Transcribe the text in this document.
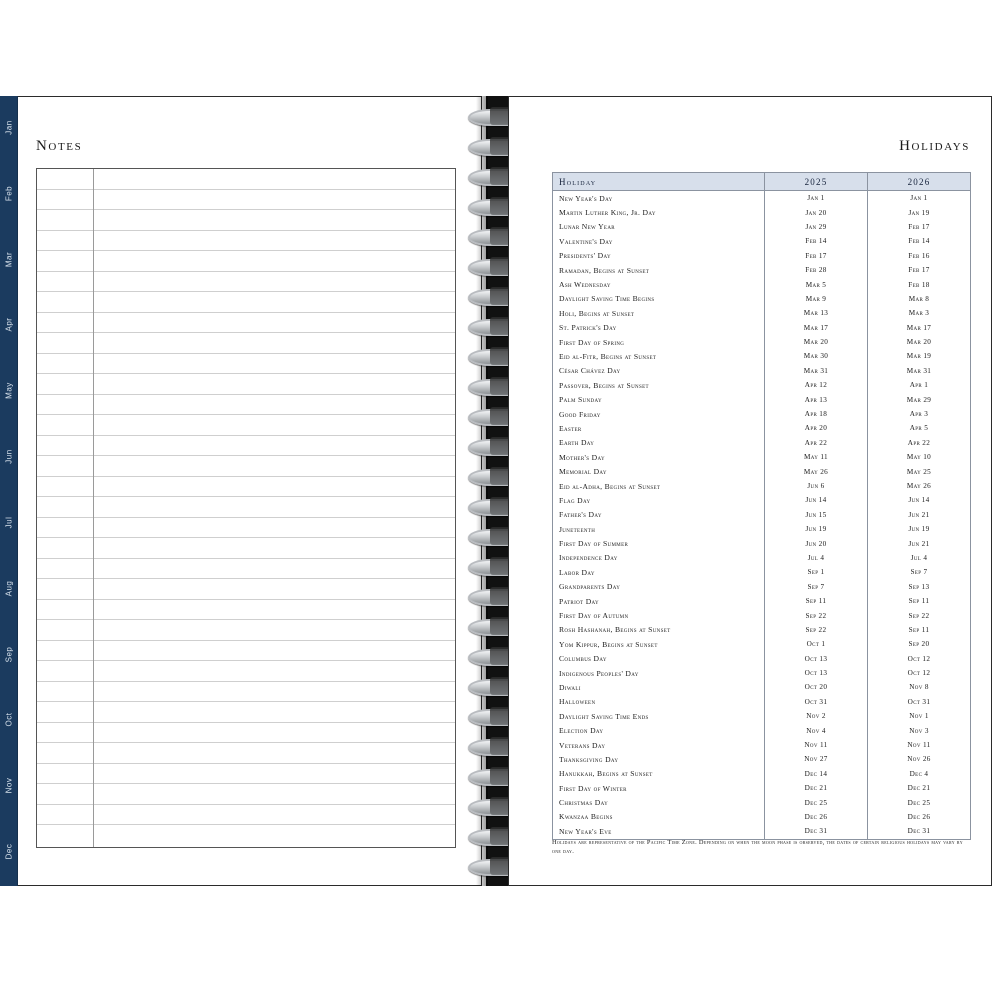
Jan
Feb
Mar
Apr
May
Jun
Jul
Aug
Sep
Oct
Nov
Dec
Notes	Holidays
Holiday	2025	2026
New Year's Day	Jan 1	Jan 1
Martin Luther King, Jr. Day	Jan 20	Jan 19
Lunar New Year	Jan 29	Feb 17
Valentine's Day	Feb 14	Feb 14
Presidents' Day	Feb 17	Feb 16
Ramadan, Begins at Sunset	Feb 28	Feb 17
Ash Wednesday	Mar 5	Feb 18
Daylight Saving Time Begins	Mar 9	Mar 8
Holi, Begins at Sunset	Mar 13	Mar 3
St. Patrick's Day	Mar 17	Mar 17
First Day of Spring	Mar 20	Mar 20
Eid al-Fitr, Begins at Sunset	Mar 30	Mar 19
César Chávez Day	Mar 31	Mar 31
Passover, Begins at Sunset	Apr 12	Apr 1
Palm Sunday	Apr 13	Mar 29
Good Friday	Apr 18	Apr 3
Easter	Apr 20	Apr 5
Earth Day	Apr 22	Apr 22
Mother's Day	May 11	May 10
Memorial Day	May 26	May 25
Eid al-Adha, Begins at Sunset	Jun 6	May 26
Flag Day	Jun 14	Jun 14
Father's Day	Jun 15	Jun 21
Juneteenth	Jun 19	Jun 19
First Day of Summer	Jun 20	Jun 21
Independence Day	Jul 4	Jul 4
Labor Day	Sep 1	Sep 7
Grandparents Day	Sep 7	Sep 13
Patriot Day	Sep 11	Sep 11
First Day of Autumn	Sep 22	Sep 22
Rosh Hashanah, Begins at Sunset	Sep 22	Sep 11
Yom Kippur, Begins at Sunset	Oct 1	Sep 20
Columbus Day	Oct 13	Oct 12
Indigenous Peoples' Day	Oct 13	Oct 12
Diwali	Oct 20	Nov 8
Halloween	Oct 31	Oct 31
Daylight Saving Time Ends	Nov 2	Nov 1
Election Day	Nov 4	Nov 3
Veterans Day	Nov 11	Nov 11
Thanksgiving Day	Nov 27	Nov 26
Hanukkah, Begins at Sunset	Dec 14	Dec 4
First Day of Winter	Dec 21	Dec 21
Christmas Day	Dec 25	Dec 25
Kwanzaa Begins	Dec 26	Dec 26
New Year's Eve	Dec 31	Dec 31
Holidays are representative of the Pacific Time Zone. Depending on when the moon phase is observed, the dates of certain religious holidays may vary by one day.
